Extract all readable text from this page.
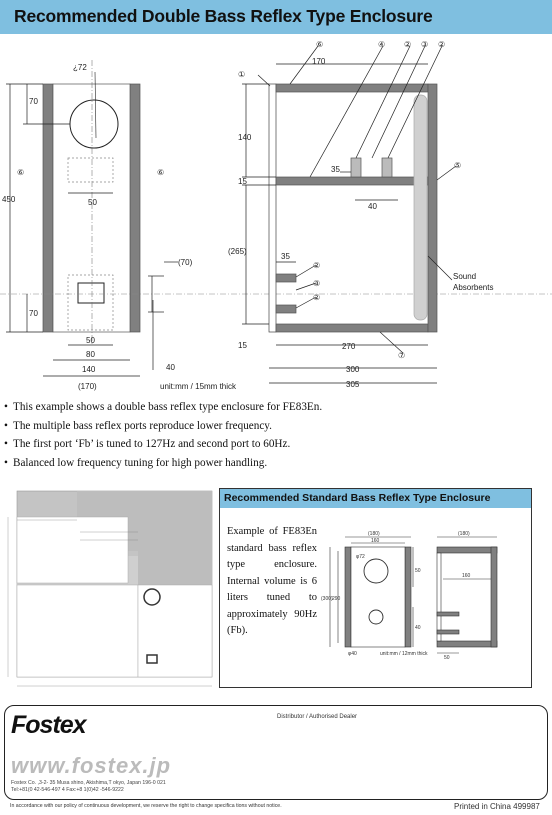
Recommended Double Bass Reflex Type Enclosure
¿72
70
450
70
50
50
80
140
(170)
(70)
40
⑥	⑥
170
140
35
15
40
(265)
35
15	270
300
305
①
⑥	④ ② ③ ②
⑤
②
③
②
⑦
Sound
Absorbents
unit:mm / 15mm thick
• This example shows a double bass reflex type enclosure for FE83En.
• The multiple bass reflex ports reproduce lower frequency.
• The first port ‘Fb’ is tuned to 127Hz and second port to 60Hz.
• Balanced low frequency tuning for high power handling.
Recommended Standard Bass Reflex Type Enclosure
Example of FE83En standard bass reflex type enclosure. Internal volume is 6 liters tuned to approximately 90Hz (Fb).
(180)
160
φ72
φ40
290
(300)
(180)
160
50
40
50
unit:mm / 12mm thick
Fostex	Distributor / Authorised Dealer
www.fostex.jp
Fostex Co. ,3-2- 35 Musa shino, Akishima,T okyo, Japan 196-0 021
Tel:+81(0 42-546-497 4 Fax:+8 1(0)42 -546-9222
In accordance with our policy of continuous development, we reserve the right to change specifica tions without notice.	Printed in China 499987
